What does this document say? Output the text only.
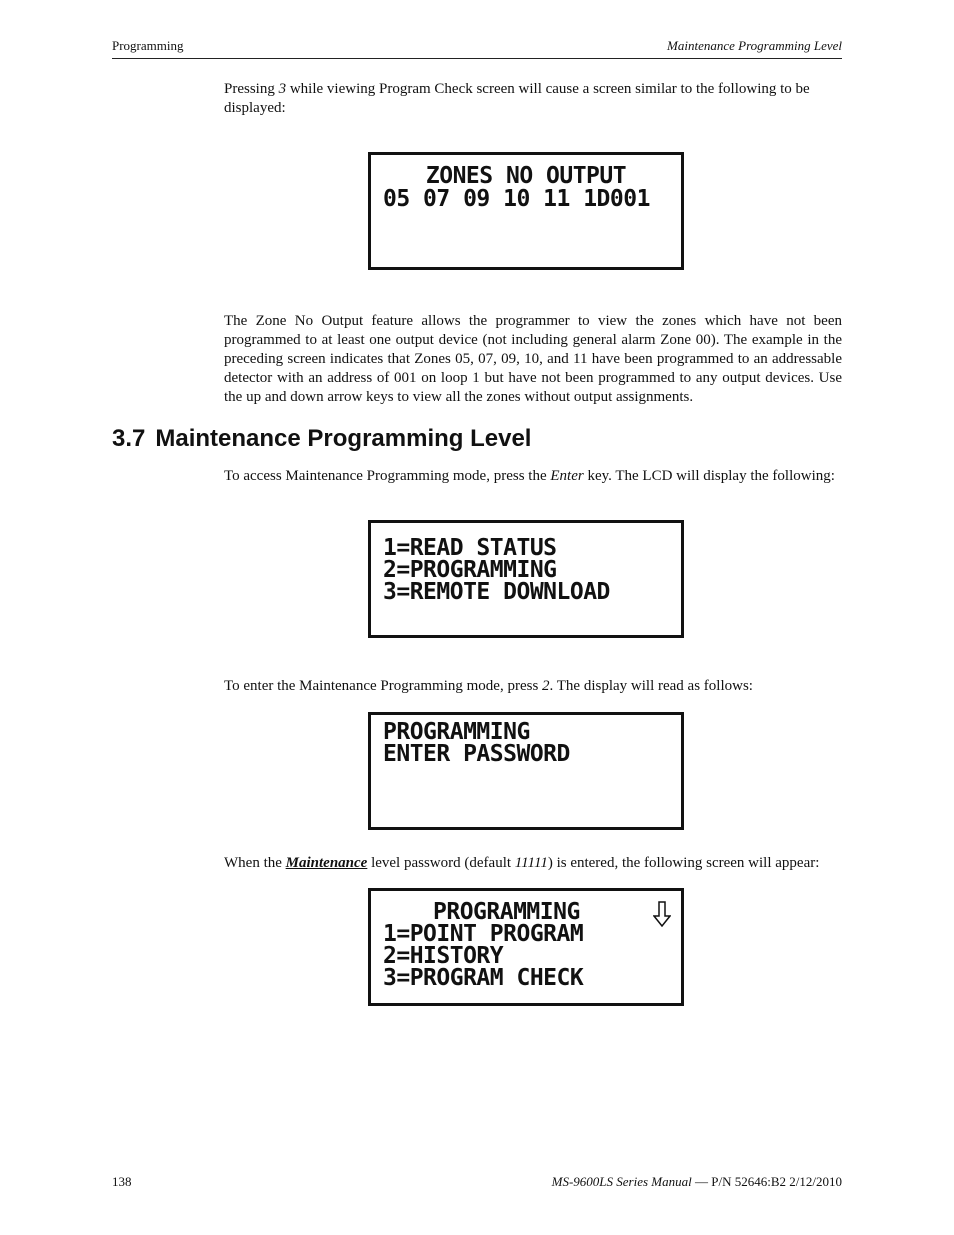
Programming	Maintenance Programming Level
Pressing 3 while viewing Program Check screen will cause a screen similar to the following to be displayed:
ZONES NO OUTPUT
05 07 09 10 11 1D001
The Zone No Output feature allows the programmer to view the zones which have not been programmed to at least one output device (not including general alarm Zone 00). The example in the preceding screen indicates that Zones 05, 07, 09, 10, and 11 have been programmed to an addressable detector with an address of 001 on loop 1 but have not been programmed to any output devices. Use the up and down arrow keys to view all the zones without output assignments.
3.7 Maintenance Programming Level
To access Maintenance Programming mode, press the Enter key. The LCD will display the following:
1=READ STATUS
2=PROGRAMMING
3=REMOTE DOWNLOAD
To enter the Maintenance Programming mode, press 2. The display will read as follows:
PROGRAMMING
ENTER PASSWORD
When the Maintenance level password (default 11111) is entered, the following screen will appear:
PROGRAMMING
1=POINT PROGRAM
2=HISTORY
3=PROGRAM CHECK
138	MS-9600LS Series Manual — P/N 52646:B2 2/12/2010
